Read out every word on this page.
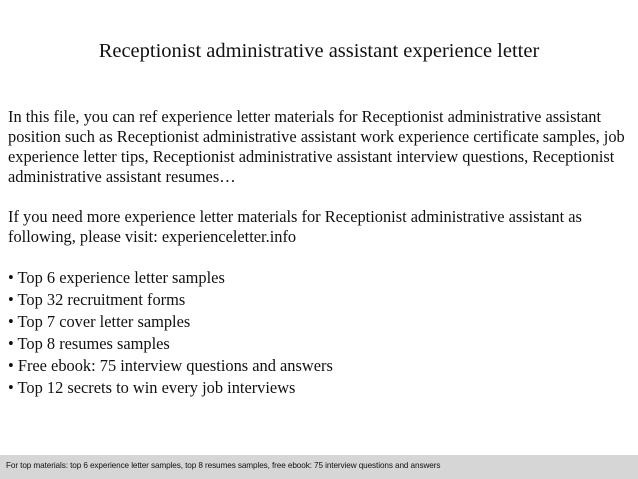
Receptionist administrative assistant experience letter

In this file, you can ref experience letter materials for Receptionist administrative assistant position such as Receptionist administrative assistant work experience certificate samples, job experience letter tips, Receptionist administrative assistant interview questions, Receptionist administrative assistant resumes…

If you need more experience letter materials for Receptionist administrative assistant as following, please visit: experienceletter.info

• Top 6 experience letter samples
• Top 32 recruitment forms
• Top 7 cover letter samples
• Top 8 resumes samples
• Free ebook: 75 interview questions and answers
• Top 12 secrets to win every job interviews
For top materials: top 6 experience letter samples, top 8 resumes samples, free ebook: 75 interview questions and answers
